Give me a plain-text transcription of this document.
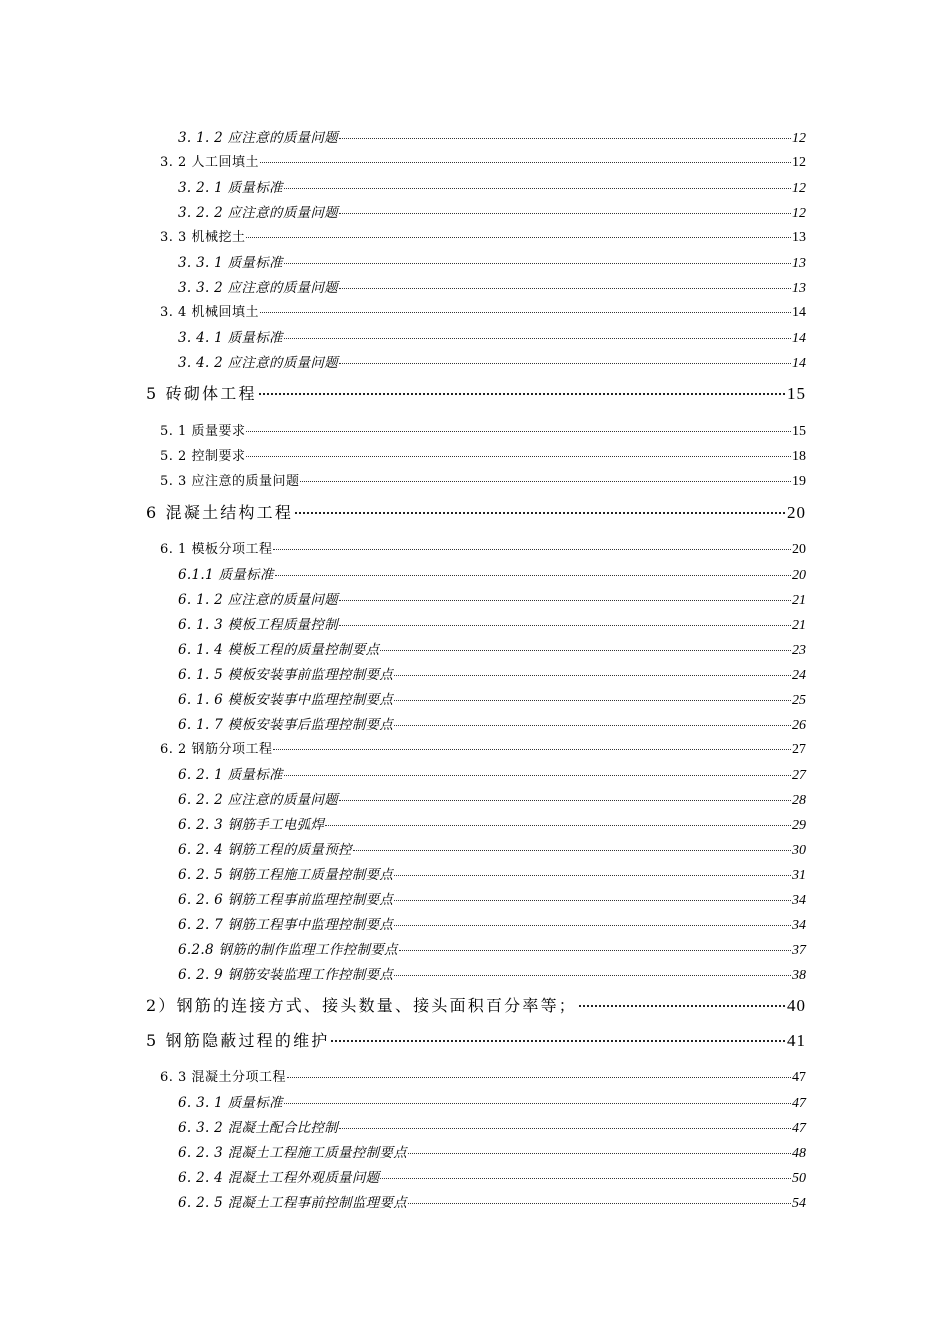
3. 1. 2 应注意的质量问题	12
3. 2 人工回填土	12
3. 2. 1 质量标准	12
3. 2. 2 应注意的质量问题	12
3. 3 机械挖土	13
3. 3. 1 质量标准	13
3. 3. 2 应注意的质量问题	13
3. 4 机械回填土	14
3. 4. 1 质量标准	14
3. 4. 2 应注意的质量问题	14
5 砖砌体工程	15
5. 1 质量要求	15
5. 2 控制要求	18
5. 3 应注意的质量问题	19
6 混凝土结构工程	20
6. 1 模板分项工程	20
6.1.1 质量标准	20
6. 1. 2 应注意的质量问题	21
6. 1. 3 模板工程质量控制	21
6. 1. 4 模板工程的质量控制要点	23
6. 1. 5 模板安装事前监理控制要点	24
6. 1. 6 模板安装事中监理控制要点	25
6. 1. 7 模板安装事后监理控制要点	26
6. 2 钢筋分项工程	27
6. 2. 1 质量标准	27
6. 2. 2 应注意的质量问题	28
6. 2. 3 钢筋手工电弧焊	29
6. 2. 4 钢筋工程的质量预控	30
6. 2. 5 钢筋工程施工质量控制要点	31
6. 2. 6 钢筋工程事前监理控制要点	34
6. 2. 7 钢筋工程事中监理控制要点	34
6.2.8 钢筋的制作监理工作控制要点	37
6. 2. 9 钢筋安装监理工作控制要点	38
2）钢筋的连接方式、接头数量、接头面积百分率等；	40
5 钢筋隐蔽过程的维护	41
6. 3 混凝土分项工程	47
6. 3. 1 质量标准	47
6. 3. 2 混凝土配合比控制	47
6. 2. 3 混凝土工程施工质量控制要点	48
6. 2. 4 混凝土工程外观质量问题	50
6. 2. 5 混凝土工程事前控制监理要点	54
